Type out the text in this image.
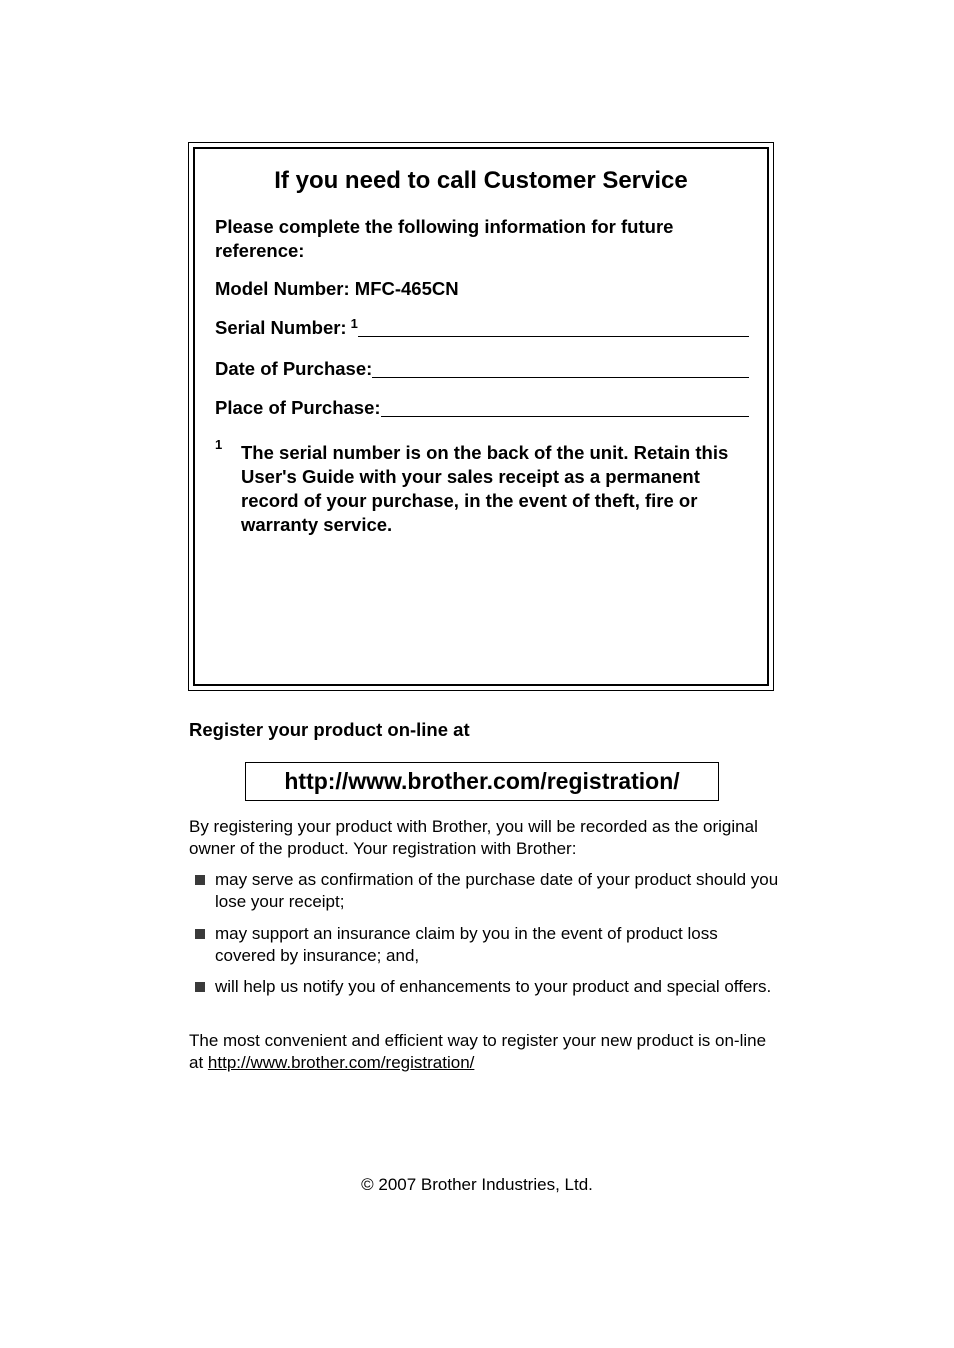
If you need to call Customer Service
Please complete the following information for future reference:
Model Number: MFC-465CN
Serial Number: 1
Date of Purchase:
Place of Purchase:
1 The serial number is on the back of the unit. Retain this User's Guide with your sales receipt as a permanent record of your purchase, in the event of theft, fire or warranty service.
Register your product on-line at
http://www.brother.com/registration/
By registering your product with Brother, you will be recorded as the original owner of the product. Your registration with Brother:
may serve as confirmation of the purchase date of your product should you lose your receipt;
may support an insurance claim by you in the event of product loss covered by insurance; and,
will help us notify you of enhancements to your product and special offers.
The most convenient and efficient way to register your new product is on-line at http://www.brother.com/registration/
© 2007 Brother Industries, Ltd.
